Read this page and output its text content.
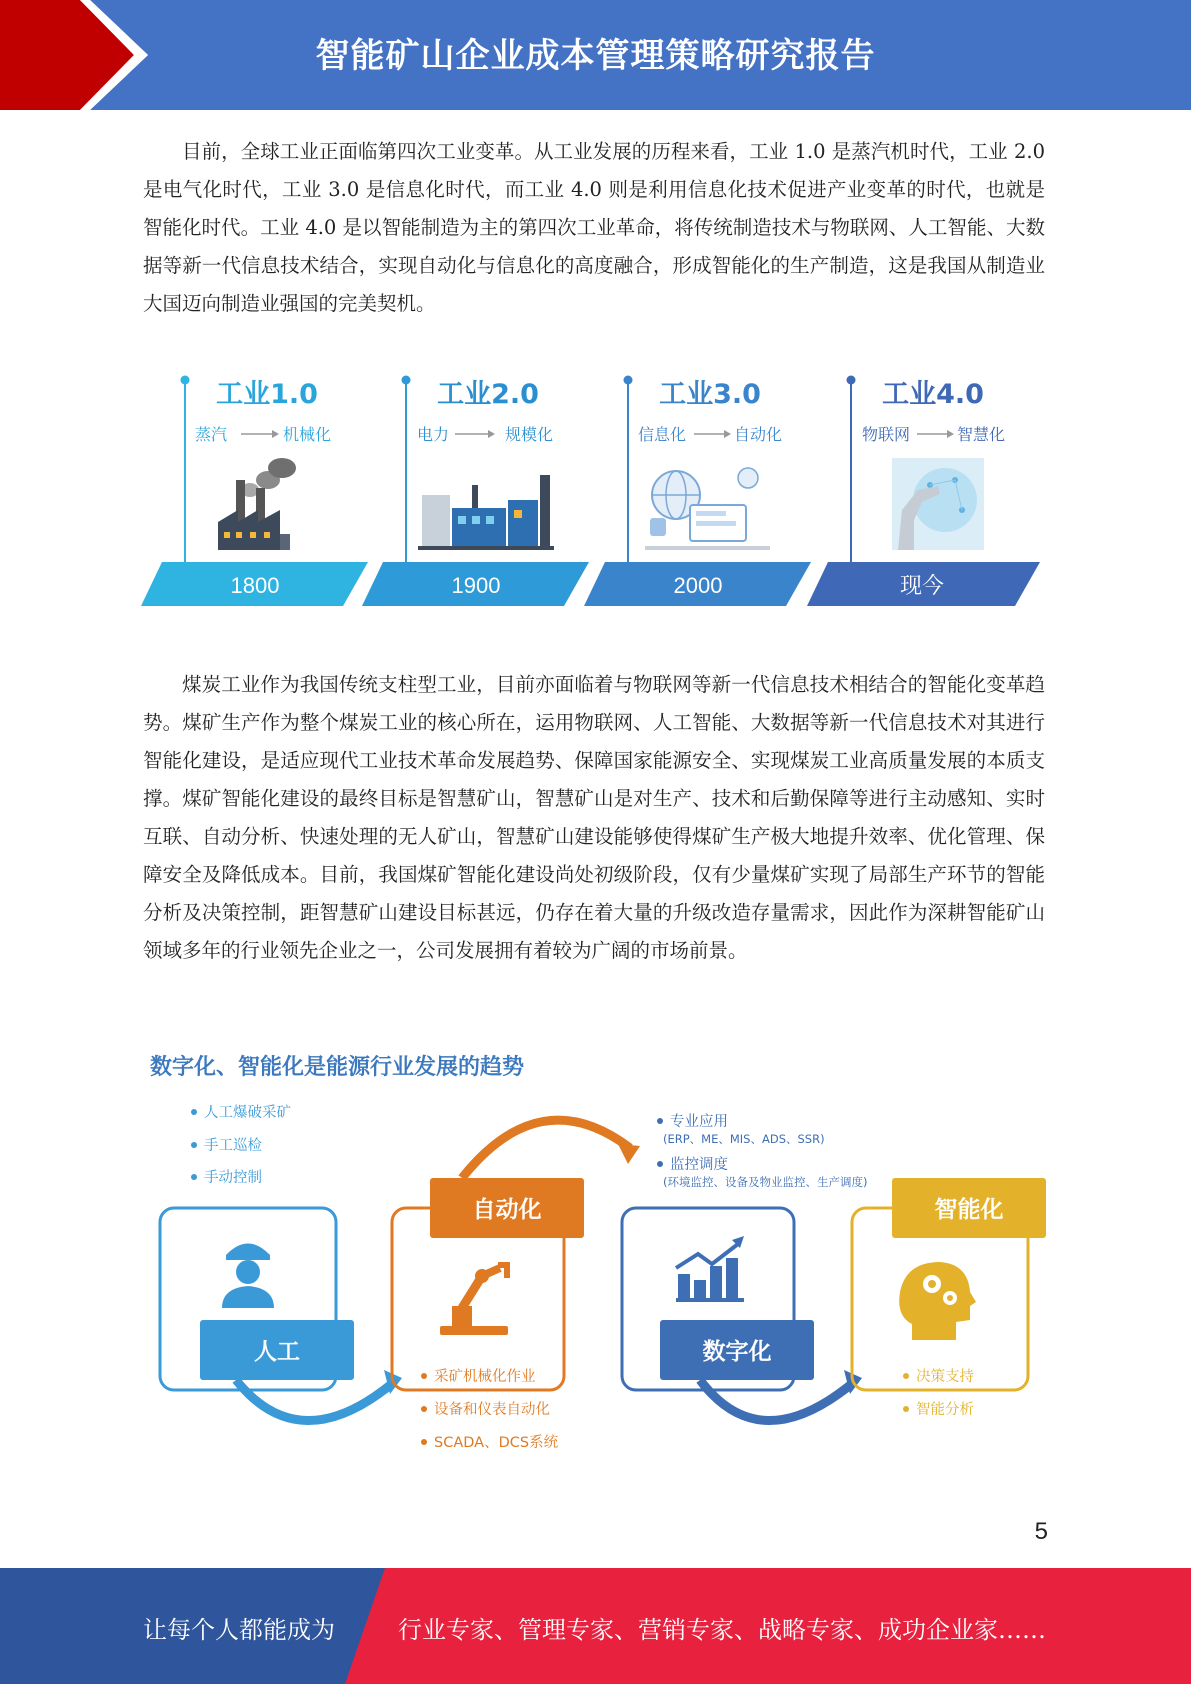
智能矿山企业成本管理策略研究报告

目前，全球工业正面临第四次工业变革。从工业发展的历程来看，工业 1.0 是蒸汽机时代，工业 2.0 是电气化时代，工业 3.0 是信息化时代，而工业 4.0 则是利用信息化技术促进产业变革的时代，也就是智能化时代。工业 4.0 是以智能制造为主的第四次工业革命，将传统制造技术与物联网、人工智能、大数据等新一代信息技术结合，实现自动化与信息化的高度融合，形成智能化的生产制造，这是我国从制造业大国迈向制造业强国的完美契机。

工业1.0
蒸汽	机械化
1800
工业2.0
电力	规模化
1900
工业3.0
信息化	自动化
2000
工业4.0
物联网	智慧化
现今

煤炭工业作为我国传统支柱型工业，目前亦面临着与物联网等新一代信息技术相结合的智能化变革趋势。煤矿生产作为整个煤炭工业的核心所在，运用物联网、人工智能、大数据等新一代信息技术对其进行智能化建设，是适应现代工业技术革命发展趋势、保障国家能源安全、实现煤炭工业高质量发展的本质支撑。煤矿智能化建设的最终目标是智慧矿山，智慧矿山是对生产、技术和后勤保障等进行主动感知、实时互联、自动分析、快速处理的无人矿山，智慧矿山建设能够使得煤矿生产极大地提升效率、优化管理、保障安全及降低成本。目前，我国煤矿智能化建设尚处初级阶段，仅有少量煤矿实现了局部生产环节的智能分析及决策控制，距智慧矿山建设目标甚远，仍存在着大量的升级改造存量需求，因此作为深耕智能矿山领域多年的行业领先企业之一，公司发展拥有着较为广阔的市场前景。

数字化、智能化是能源行业发展的趋势
人工爆破采矿
手工巡检
手动控制
人工
自动化
采矿机械化作业
设备和仪表自动化
SCADA、DCS系统
专业应用
(ERP、ME、MIS、ADS、SSR)
监控调度
(环境监控、设备及物业监控、生产调度)
数字化
智能化
决策支持
智能分析
5
让每个人都能成为	行业专家、管理专家、营销专家、战略专家、成功企业家……
